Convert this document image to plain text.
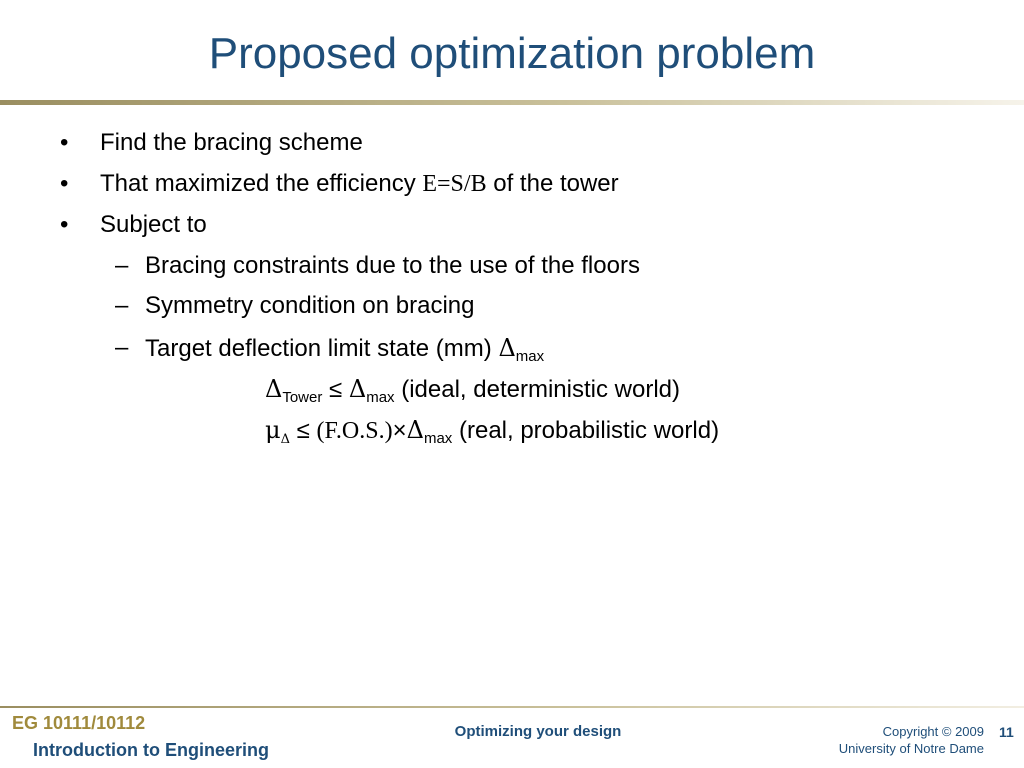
Proposed optimization problem
• Find the bracing scheme
• That maximized the efficiency E=S/B of the tower
• Subject to
– Bracing constraints due to the use of the floors
– Symmetry condition on bracing
– Target deflection limit state (mm) $\Delta_{max}$
$\Delta_{Tower} \le \Delta_{max}$ (ideal, deterministic world)
$\mu_\Delta \le (F.O.S.)\times\Delta_{max}$ (real, probabilistic world)
EG 10111/10112
Introduction to Engineering
Optimizing your design	Copyright © 2009
University of Notre Dame
11
